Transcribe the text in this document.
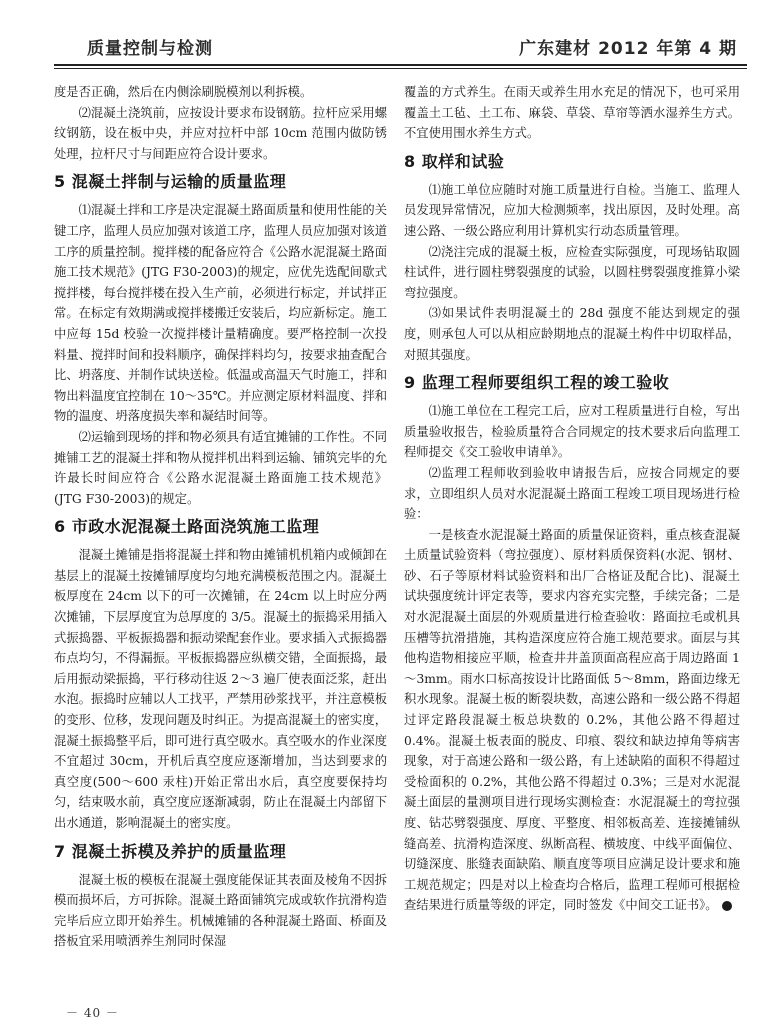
质量控制与检测	广东建材 2012 年第 4 期

度是否正确，然后在内侧涂刷脱模剂以利拆模。

⑵混凝土浇筑前，应按设计要求布设钢筋。拉杆应采用螺纹钢筋，设在板中央，并应对拉杆中部 10cm 范围内做防锈处理，拉杆尺寸与间距应符合设计要求。

5 混凝土拌制与运输的质量监理

⑴混凝土拌和工序是决定混凝土路面质量和使用性能的关键工序，监理人员应加强对该道工序，监理人员应加强对该道工序的质量控制。搅拌楼的配备应符合《公路水泥混凝土路面施工技术规范》(JTG F30-2003)的规定，应优先选配间歇式搅拌楼，每台搅拌楼在投入生产前，必须进行标定，并试拌正常。在标定有效期满或搅拌楼搬迁安装后，均应新标定。施工中应每 15d 校验一次搅拌楼计量精确度。要严格控制一次投料量、搅拌时间和投料顺序，确保拌料均匀，按要求抽查配合比、坍落度、并制作试块送检。低温或高温天气时施工，拌和物出料温度宜控制在 10～35℃。并应测定原材料温度、拌和物的温度、坍落度损失率和凝结时间等。

⑵运输到现场的拌和物必须具有适宜摊铺的工作性。不同摊铺工艺的混凝土拌和物从搅拌机出料到运输、铺筑完毕的允许最长时间应符合《公路水泥混凝土路面施工技术规范》(JTG F30-2003)的规定。

6 市政水泥混凝土路面浇筑施工监理

混凝土摊铺是指将混凝土拌和物由摊铺机机箱内或倾卸在基层上的混凝土按摊铺厚度均匀地充满模板范围之内。混凝土板厚度在 24cm 以下的可一次摊铺，在 24cm 以上时应分两次摊铺，下层厚度宜为总厚度的 3/5。混凝土的振捣采用插入式振捣器、平板振捣器和振动梁配套作业。要求插入式振捣器布点均匀，不得漏振。平板振捣器应纵横交错，全面振捣，最后用振动梁振捣，平行移动往返 2～3 遍厂使表面泛浆，赶出水泡。振捣时应辅以人工找平，严禁用砂浆找平，并注意模板的变形、位移，发现问题及时纠正。为提高混凝土的密实度，混凝土振捣整平后，即可进行真空吸水。真空吸水的作业深度不宜超过 30cm，开机后真空度应逐渐增加，当达到要求的真空度(500～600 汞柱)开始正常出水后，真空度要保持均匀，结束吸水前，真空度应逐渐减弱，防止在混凝土内部留下出水通道，影响混凝土的密实度。

7 混凝土拆模及养护的质量监理

混凝土板的模板在混凝土强度能保证其表面及棱角不因拆模而损坏后，方可拆除。混凝土路面铺筑完成或软作抗滑构造完毕后应立即开始养生。机械摊铺的各种混凝土路面、桥面及搭板宜采用喷洒养生剂同时保湿

覆盖的方式养生。在雨天或养生用水充足的情况下，也可采用覆盖土工毡、土工布、麻袋、草袋、草帘等洒水湿养生方式。不宜使用围水养生方式。

8 取样和试验

⑴施工单位应随时对施工质量进行自检。当施工、监理人员发现异常情况，应加大检测频率，找出原因，及时处理。高速公路、一级公路应利用计算机实行动态质量管理。

⑵浇注完成的混凝土板，应检查实际强度，可现场钻取圆柱试件，进行圆柱劈裂强度的试验，以圆柱劈裂强度推算小梁弯拉强度。

⑶如果试件表明混凝土的 28d 强度不能达到规定的强度，则承包人可以从相应龄期地点的混凝土构件中切取样品，对照其强度。

9 监理工程师要组织工程的竣工验收

⑴施工单位在工程完工后，应对工程质量进行自检，写出质量验收报告，检验质量符合合同规定的技术要求后向监理工程师提交《交工验收申请单》。

⑵监理工程师收到验收申请报告后，应按合同规定的要求，立即组织人员对水泥混凝土路面工程竣工项目现场进行检验：

一是核查水泥混凝土路面的质量保证资料，重点核查混凝土质量试验资料（弯拉强度）、原材料质保资料(水泥、钢材、砂、石子等原材料试验资料和出厂合格证及配合比)、混凝土试块强度统计评定表等，要求内容充实完整，手续完备；二是对水泥混凝土面层的外观质量进行检查验收：路面拉毛或机具压槽等抗滑措施，其构造深度应符合施工规范要求。面层与其他构造物相接应平顺，检查井井盖顶面高程应高于周边路面 1～3mm。雨水口标高按设计比路面低 5～8mm，路面边缘无积水现象。混凝土板的断裂块数，高速公路和一级公路不得超过评定路段混凝土板总块数的 0.2%，其他公路不得超过 0.4%。混凝土板表面的脱皮、印痕、裂纹和缺边掉角等病害现象，对于高速公路和一级公路，有上述缺陷的面积不得超过受检面积的 0.2%，其他公路不得超过 0.3%；三是对水泥混凝土面层的量测项目进行现场实测检查：水泥混凝土的弯拉强度、钻芯劈裂强度、厚度、平整度、相邻板高差、连接摊铺纵缝高差、抗滑构造深度、纵断高程、横坡度、中线平面偏位、切缝深度、胀缝表面缺陷、顺直度等项目应满足设计要求和施工规范规定；四是对以上检查均合格后，监理工程师可根据检查结果进行质量等级的评定，同时签发《中间交工证书》。

－ 40 －
